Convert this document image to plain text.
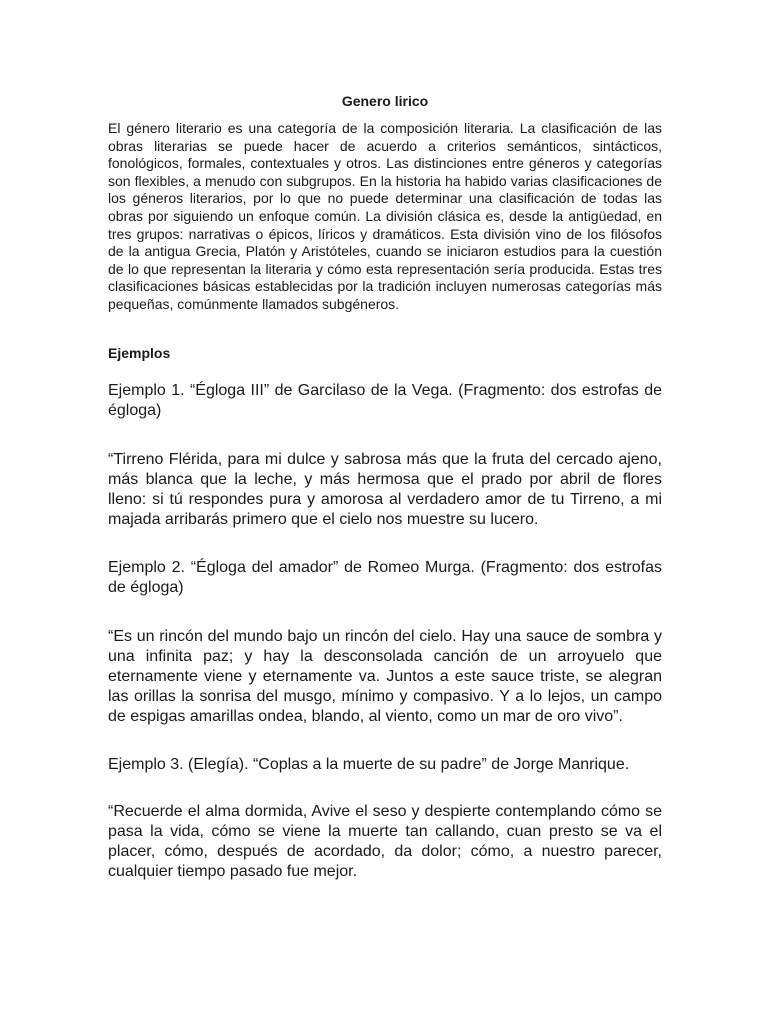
Genero lirico

El género literario es una categoría de la composición literaria. La clasificación de las obras literarias se puede hacer de acuerdo a criterios semánticos, sintácticos, fonológicos, formales, contextuales y otros. Las distinciones entre géneros y categorías son flexibles, a menudo con subgrupos. En la historia ha habido varias clasificaciones de los géneros literarios, por lo que no puede determinar una clasificación de todas las obras por siguiendo un enfoque común. La división clásica es, desde la antigüedad, en tres grupos: narrativas o épicos, líricos y dramáticos. Esta división vino de los filósofos de la antigua Grecia, Platón y Aristóteles, cuando se iniciaron estudios para la cuestión de lo que representan la literaria y cómo esta representación sería producida. Estas tres clasificaciones básicas establecidas por la tradición incluyen numerosas categorías más pequeñas, comúnmente llamados subgéneros.

Ejemplos

Ejemplo 1. “Égloga III” de Garcilaso de la Vega. (Fragmento: dos estrofas de égloga)

“Tirreno Flérida, para mi dulce y sabrosa más que la fruta del cercado ajeno, más blanca que la leche, y más hermosa que el prado por abril de flores lleno: si tú respondes pura y amorosa al verdadero amor de tu Tirreno, a mi majada arribarás primero que el cielo nos muestre su lucero.

Ejemplo 2. “Égloga del amador” de Romeo Murga. (Fragmento: dos estrofas de égloga)

“Es un rincón del mundo bajo un rincón del cielo. Hay una sauce de sombra y una infinita paz; y hay la desconsolada canción de un arroyuelo que eternamente viene y eternamente va. Juntos a este sauce triste, se alegran las orillas la sonrisa del musgo, mínimo y compasivo. Y a lo lejos, un campo de espigas amarillas ondea, blando, al viento, como un mar de oro vivo”.

Ejemplo 3. (Elegía). “Coplas a la muerte de su padre” de Jorge Manrique.

“Recuerde el alma dormida, Avive el seso y despierte contemplando cómo se pasa la vida, cómo se viene la muerte tan callando, cuan presto se va el placer, cómo, después de acordado, da dolor; cómo, a nuestro parecer, cualquier tiempo pasado fue mejor.
